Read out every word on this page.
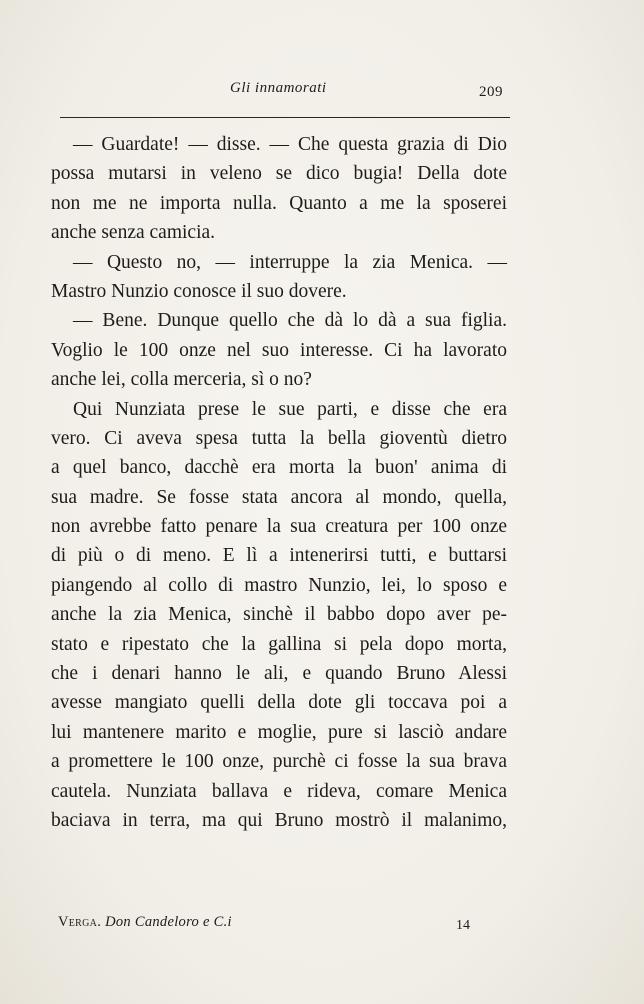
Gli innamorati	209
— Guardate! — disse. — Che questa grazia di Dio
possa mutarsi in veleno se dico bugia! Della dote
non me ne importa nulla. Quanto a me la sposerei
anche senza camicia.
— Questo no, — interruppe la zia Menica. —
Mastro Nunzio conosce il suo dovere.
— Bene. Dunque quello che dà lo dà a sua figlia.
Voglio le 100 onze nel suo interesse. Ci ha lavorato
anche lei, colla merceria, sì o no?
Qui Nunziata prese le sue parti, e disse che era
vero. Ci aveva spesa tutta la bella gioventù dietro
a quel banco, dacchè era morta la buon' anima di
sua madre. Se fosse stata ancora al mondo, quella,
non avrebbe fatto penare la sua creatura per 100 onze
di più o di meno. E lì a intenerirsi tutti, e buttarsi
piangendo al collo di mastro Nunzio, lei, lo sposo e
anche la zia Menica, sinchè il babbo dopo aver pe-
stato e ripestato che la gallina si pela dopo morta,
che i denari hanno le ali, e quando Bruno Alessi
avesse mangiato quelli della dote gli toccava poi a
lui mantenere marito e moglie, pure si lasciò andare
a promettere le 100 onze, purchè ci fosse la sua brava
cautela. Nunziata ballava e rideva, comare Menica
baciava in terra, ma qui Bruno mostrò il malanimo,
Verga. Don Candeloro e C.i	14
